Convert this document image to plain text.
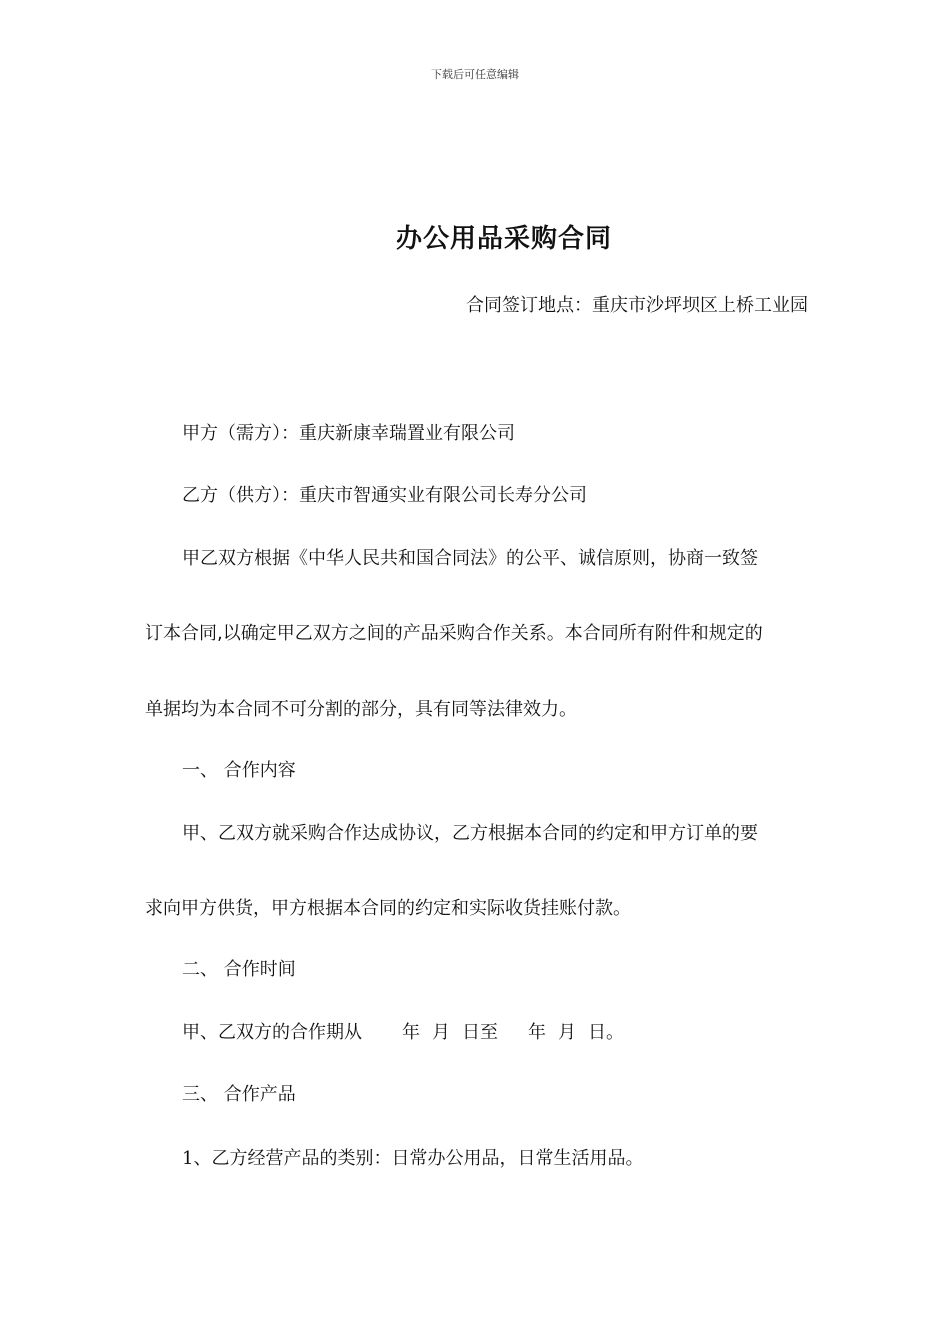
下载后可任意编辑
办公用品采购合同
合同签订地点：重庆市沙坪坝区上桥工业园
甲方（需方）：重庆新康幸瑞置业有限公司
乙方（供方）：重庆市智通实业有限公司长寿分公司
甲乙双方根据《中华人民共和国合同法》的公平、诚信原则，协商一致签
订本合同,以确定甲乙双方之间的产品采购合作关系。本合同所有附件和规定的
单据均为本合同不可分割的部分，具有同等法律效力。
一、 合作内容
甲、乙双方就采购合作达成协议，乙方根据本合同的约定和甲方订单的要
求向甲方供货，甲方根据本合同的约定和实际收货挂账付款。
二、 合作时间
甲、乙双方的合作期从 年 月 日至 年 月 日。
三、 合作产品
1、乙方经营产品的类别：日常办公用品，日常生活用品。
